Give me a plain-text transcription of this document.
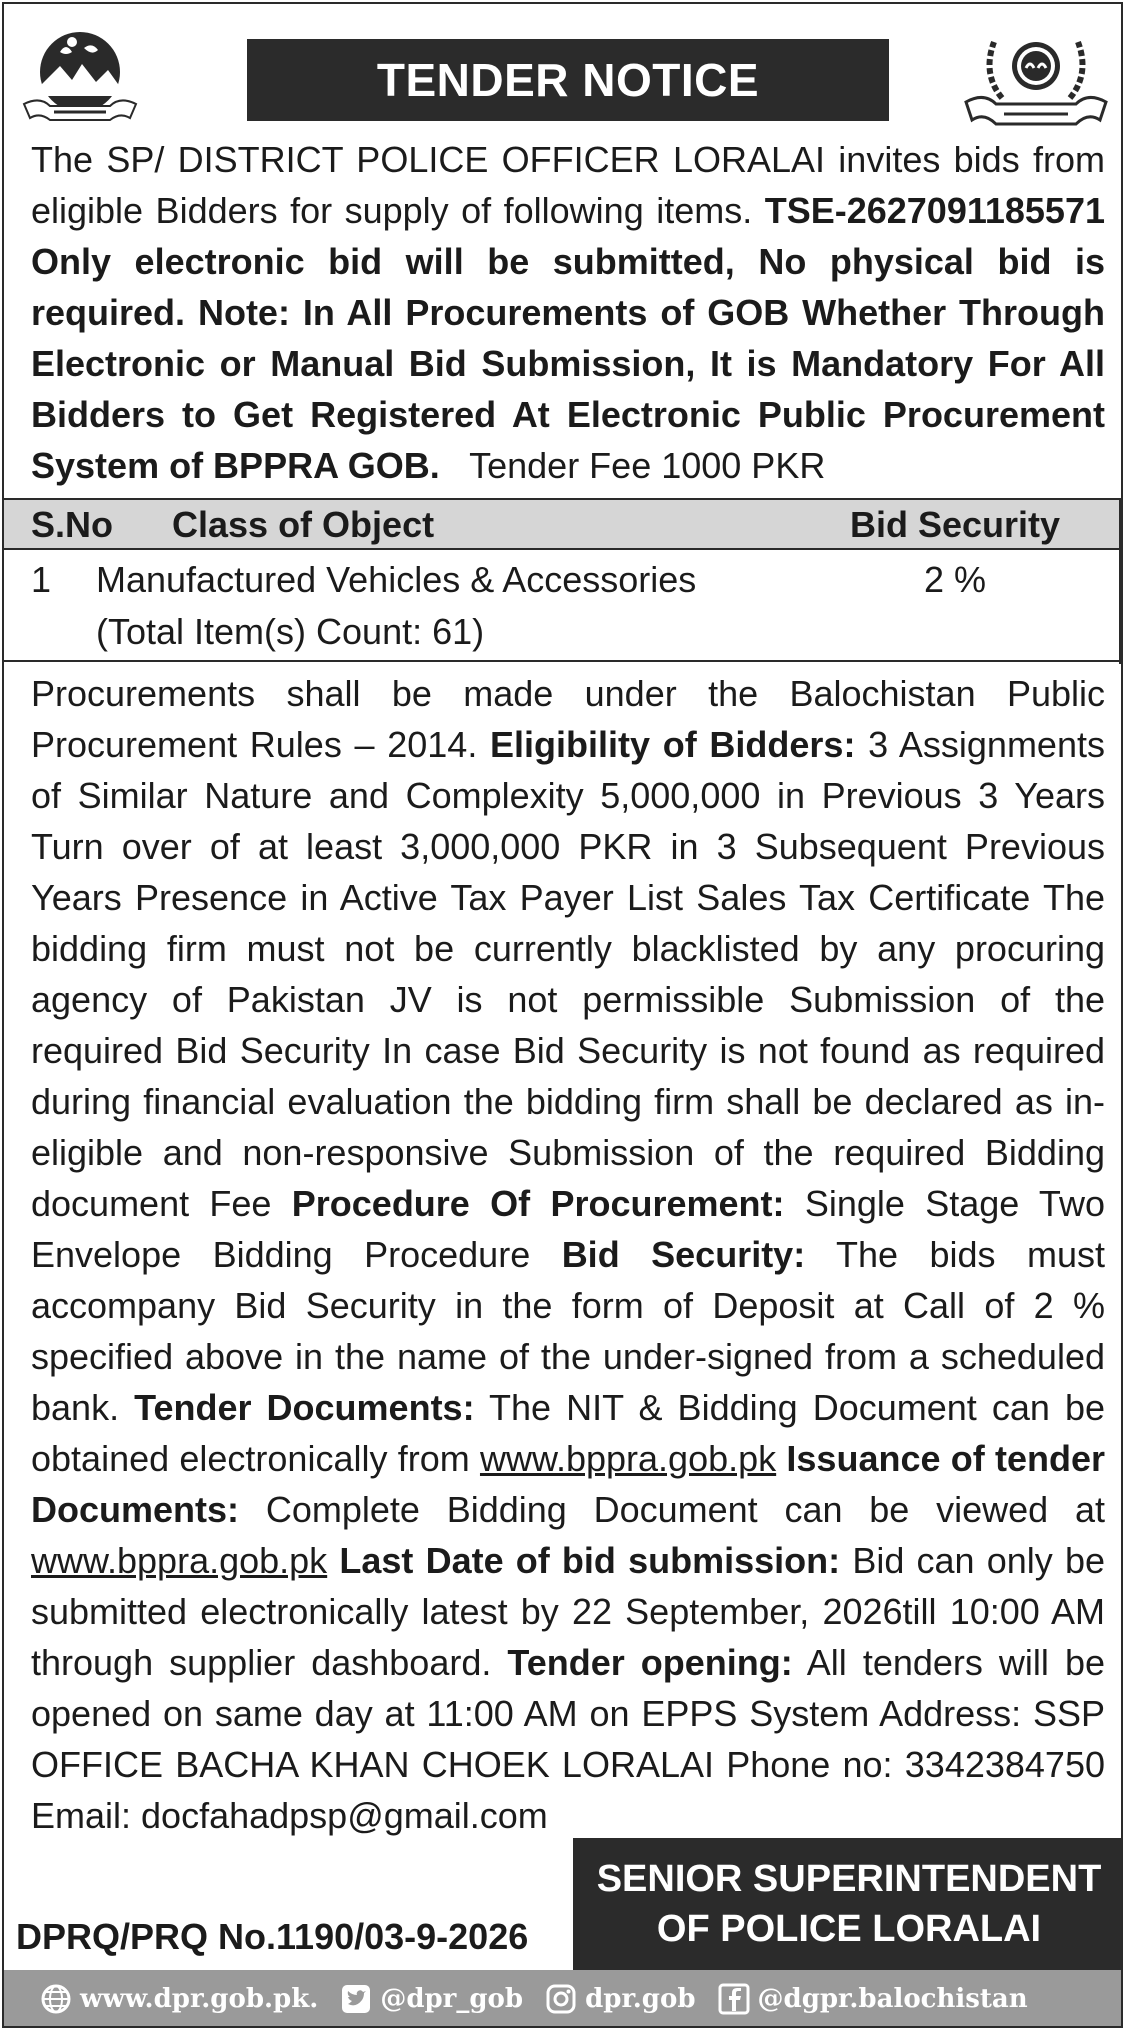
TENDER NOTICE

The SP/ DISTRICT POLICE OFFICER LORALAI invites bids from eligible Bidders for supply of following items. TSE-2627091185571 Only electronic bid will be submitted, No physical bid is required. Note: In All Procurements of GOB Whether Through Electronic or Manual Bid Submission, It is Mandatory For All Bidders to Get Registered At Electronic Public Procurement System of BPPRA GOB. Tender Fee 1000 PKR

S.No Class of Object	Bid Security
1 Manufactured Vehicles & Accessories
(Total Item(s) Count: 61)
2 %

Procurements shall be made under the Balochistan Public Procurement Rules – 2014. Eligibility of Bidders: 3 Assignments of Similar Nature and Complexity 5,000,000 in Previous 3 Years Turn over of at least 3,000,000 PKR in 3 Subsequent Previous Years Presence in Active Tax Payer List Sales Tax Certificate The bidding firm must not be currently blacklisted by any procuring agency of Pakistan JV is not permissible Submission of the required Bid Security In case Bid Security is not found as required during financial evaluation the bidding firm shall be declared as in-eligible and non-responsive Submission of the required Bidding document Fee Procedure Of Procurement: Single Stage Two Envelope Bidding Procedure Bid Security: The bids must accompany Bid Security in the form of Deposit at Call of 2 % specified above in the name of the under-signed from a scheduled bank. Tender Documents: The NIT & Bidding Document can be obtained electronically from www.bppra.gob.pk Issuance of tender Documents: Complete Bidding Document can be viewed at www.bppra.gob.pk Last Date of bid submission: Bid can only be submitted electronically latest by 22 September, 2026till 10:00 AM through supplier dashboard. Tender opening: All tenders will be opened on same day at 11:00 AM on EPPS System Address: SSP OFFICE BACHA KHAN CHOEK LORALAI Phone no: 3342384750 Email: docfahadpsp@gmail.com

SENIOR SUPERINTENDENT
OF POLICE LORALAI
DPRQ/PRQ No.1190/03-9-2026
www.dpr.gob.pk. @dpr_gob dpr.gob @dgpr.balochistan
